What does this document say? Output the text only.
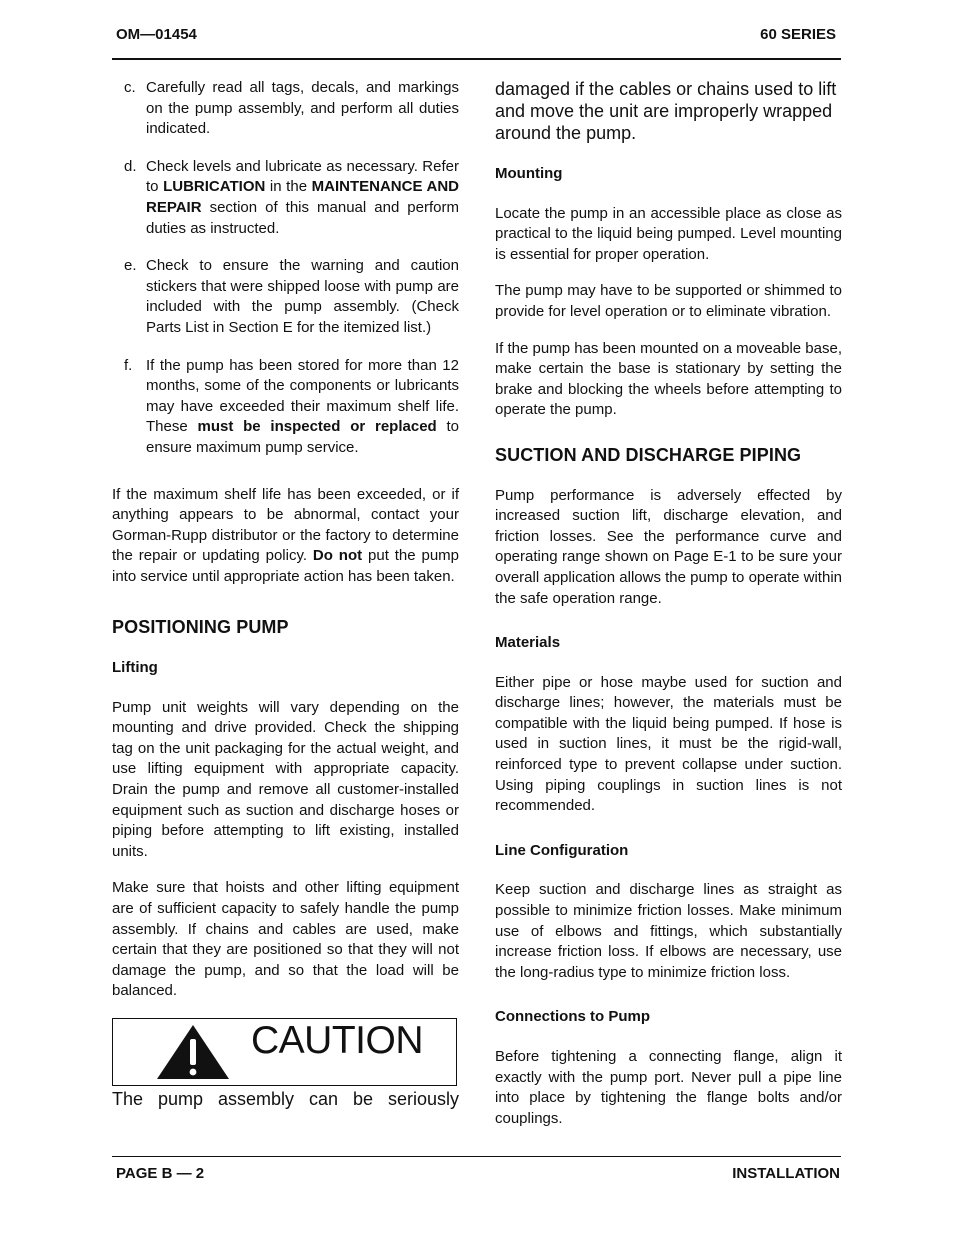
OM—01454	60 SERIES
c. Carefully read all tags, decals, and markings on the pump assembly, and perform all duties indicated.
d. Check levels and lubricate as necessary. Refer to LUBRICATION in the MAINTENANCE AND REPAIR section of this manual and perform duties as instructed.
e. Check to ensure the warning and caution stickers that were shipped loose with pump are included with the pump assembly. (Check Parts List in Section E for the itemized list.)
f. If the pump has been stored for more than 12 months, some of the components or lubricants may have exceeded their maximum shelf life. These must be inspected or replaced to ensure maximum pump service.

If the maximum shelf life has been exceeded, or if anything appears to be abnormal, contact your Gorman-Rupp distributor or the factory to determine the repair or updating policy. Do not put the pump into service until appropriate action has been taken.

POSITIONING PUMP
Lifting

Pump unit weights will vary depending on the mounting and drive provided. Check the shipping tag on the unit packaging for the actual weight, and use lifting equipment with appropriate capacity. Drain the pump and remove all customer-installed equipment such as suction and discharge hoses or piping before attempting to lift existing, installed units.

Make sure that hoists and other lifting equipment are of sufficient capacity to safely handle the pump assembly. If chains and cables are used, make certain that they are positioned so that they will not damage the pump, and so that the load will be balanced.

CAUTION

The pump assembly can be seriously

damaged if the cables or chains used to lift and move the unit are improperly wrapped around the pump.

Mounting

Locate the pump in an accessible place as close as practical to the liquid being pumped. Level mounting is essential for proper operation.

The pump may have to be supported or shimmed to provide for level operation or to eliminate vibration.

If the pump has been mounted on a moveable base, make certain the base is stationary by setting the brake and blocking the wheels before attempting to operate the pump.

SUCTION AND DISCHARGE PIPING

Pump performance is adversely effected by increased suction lift, discharge elevation, and friction losses. See the performance curve and operating range shown on Page E-1 to be sure your overall application allows the pump to operate within the safe operation range.

Materials

Either pipe or hose maybe used for suction and discharge lines; however, the materials must be compatible with the liquid being pumped. If hose is used in suction lines, it must be the rigid-wall, reinforced type to prevent collapse under suction. Using piping couplings in suction lines is not recommended.

Line Configuration

Keep suction and discharge lines as straight as possible to minimize friction losses. Make minimum use of elbows and fittings, which substantially increase friction loss. If elbows are necessary, use the long-radius type to minimize friction loss.

Connections to Pump

Before tightening a connecting flange, align it exactly with the pump port. Never pull a pipe line into place by tightening the flange bolts and/or couplings.

PAGE B — 2	INSTALLATION
